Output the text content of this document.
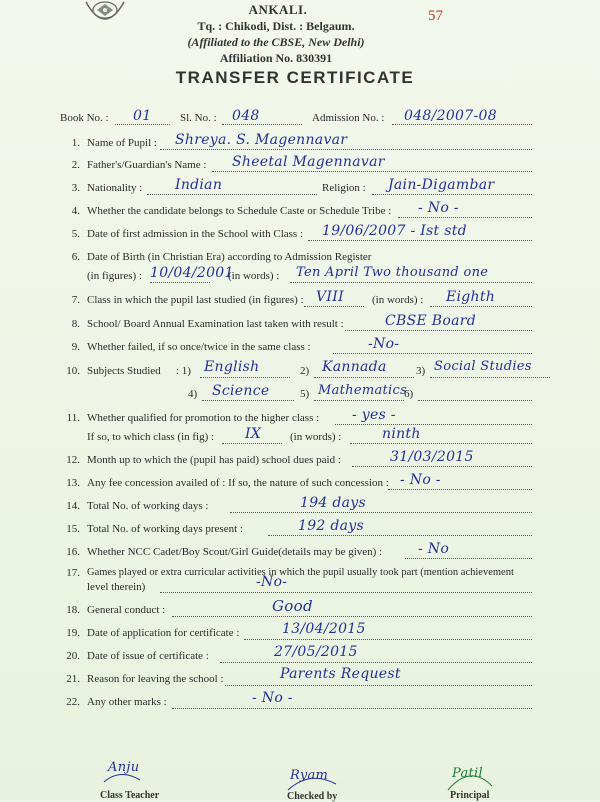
ANKALI.
Tq. : Chikodi, Dist. : Belgaum.
(Affiliated to the CBSE, New Delhi)
Affiliation No. 830391
TRANSFER CERTIFICATE
57
Book No. : 01	Sl. No. : 048	Admission No. : 048/2007-08
1. Name of Pupil : Shreya. S. Magennavar
2. Father's/Guardian's Name : Sheetal Magennavar
3. Nationality : Indian	Religion : Jain-Digambar
4. Whether the candidate belongs to Schedule Caste or Schedule Tribe : - No -
5. Date of first admission in the School with Class : 19/06/2007 - Ist std
6. Date of Birth (in Christian Era) according to Admission Register
(in figures) : 10/04/2001
(in words) : Ten April Two thousand one
7. Class in which the pupil last studied (in figures) : VIII	(in words) : Eighth
8. School/ Board Annual Examination last taken with result :	CBSE Board
9. Whether failed, if so once/twice in the same class :	-No-
10. Subjects Studied : 1) English	2) Kannada	3) Social Studies
4) Science	5) Mathematics
6)
11. Whether qualified for promotion to the higher class : - yes -
If so, to which class (in fig) : IX	(in words) :	ninth
12. Month up to which the (pupil has paid) school dues paid :	31/03/2015
13. Any fee concession availed of : If so, the nature of such concession : - No -
14. Total No. of working days :	194 days
15. Total No. of working days present :	192 days
16. Whether NCC Cadet/Boy Scout/Girl Guide(details may be given) :	- No
17. Games played or extra curricular activities in which the pupil usually took part (mention achievement
level therein)	-No-
18. General conduct :	Good
19. Date of application for certificate :	13/04/2015
20. Date of issue of certificate :	27/05/2015
21. Reason for leaving the school :	Parents Request
22. Any other marks :	- No -
Anju
Ryam	Patil
Class Teacher	Checked by	Principal
